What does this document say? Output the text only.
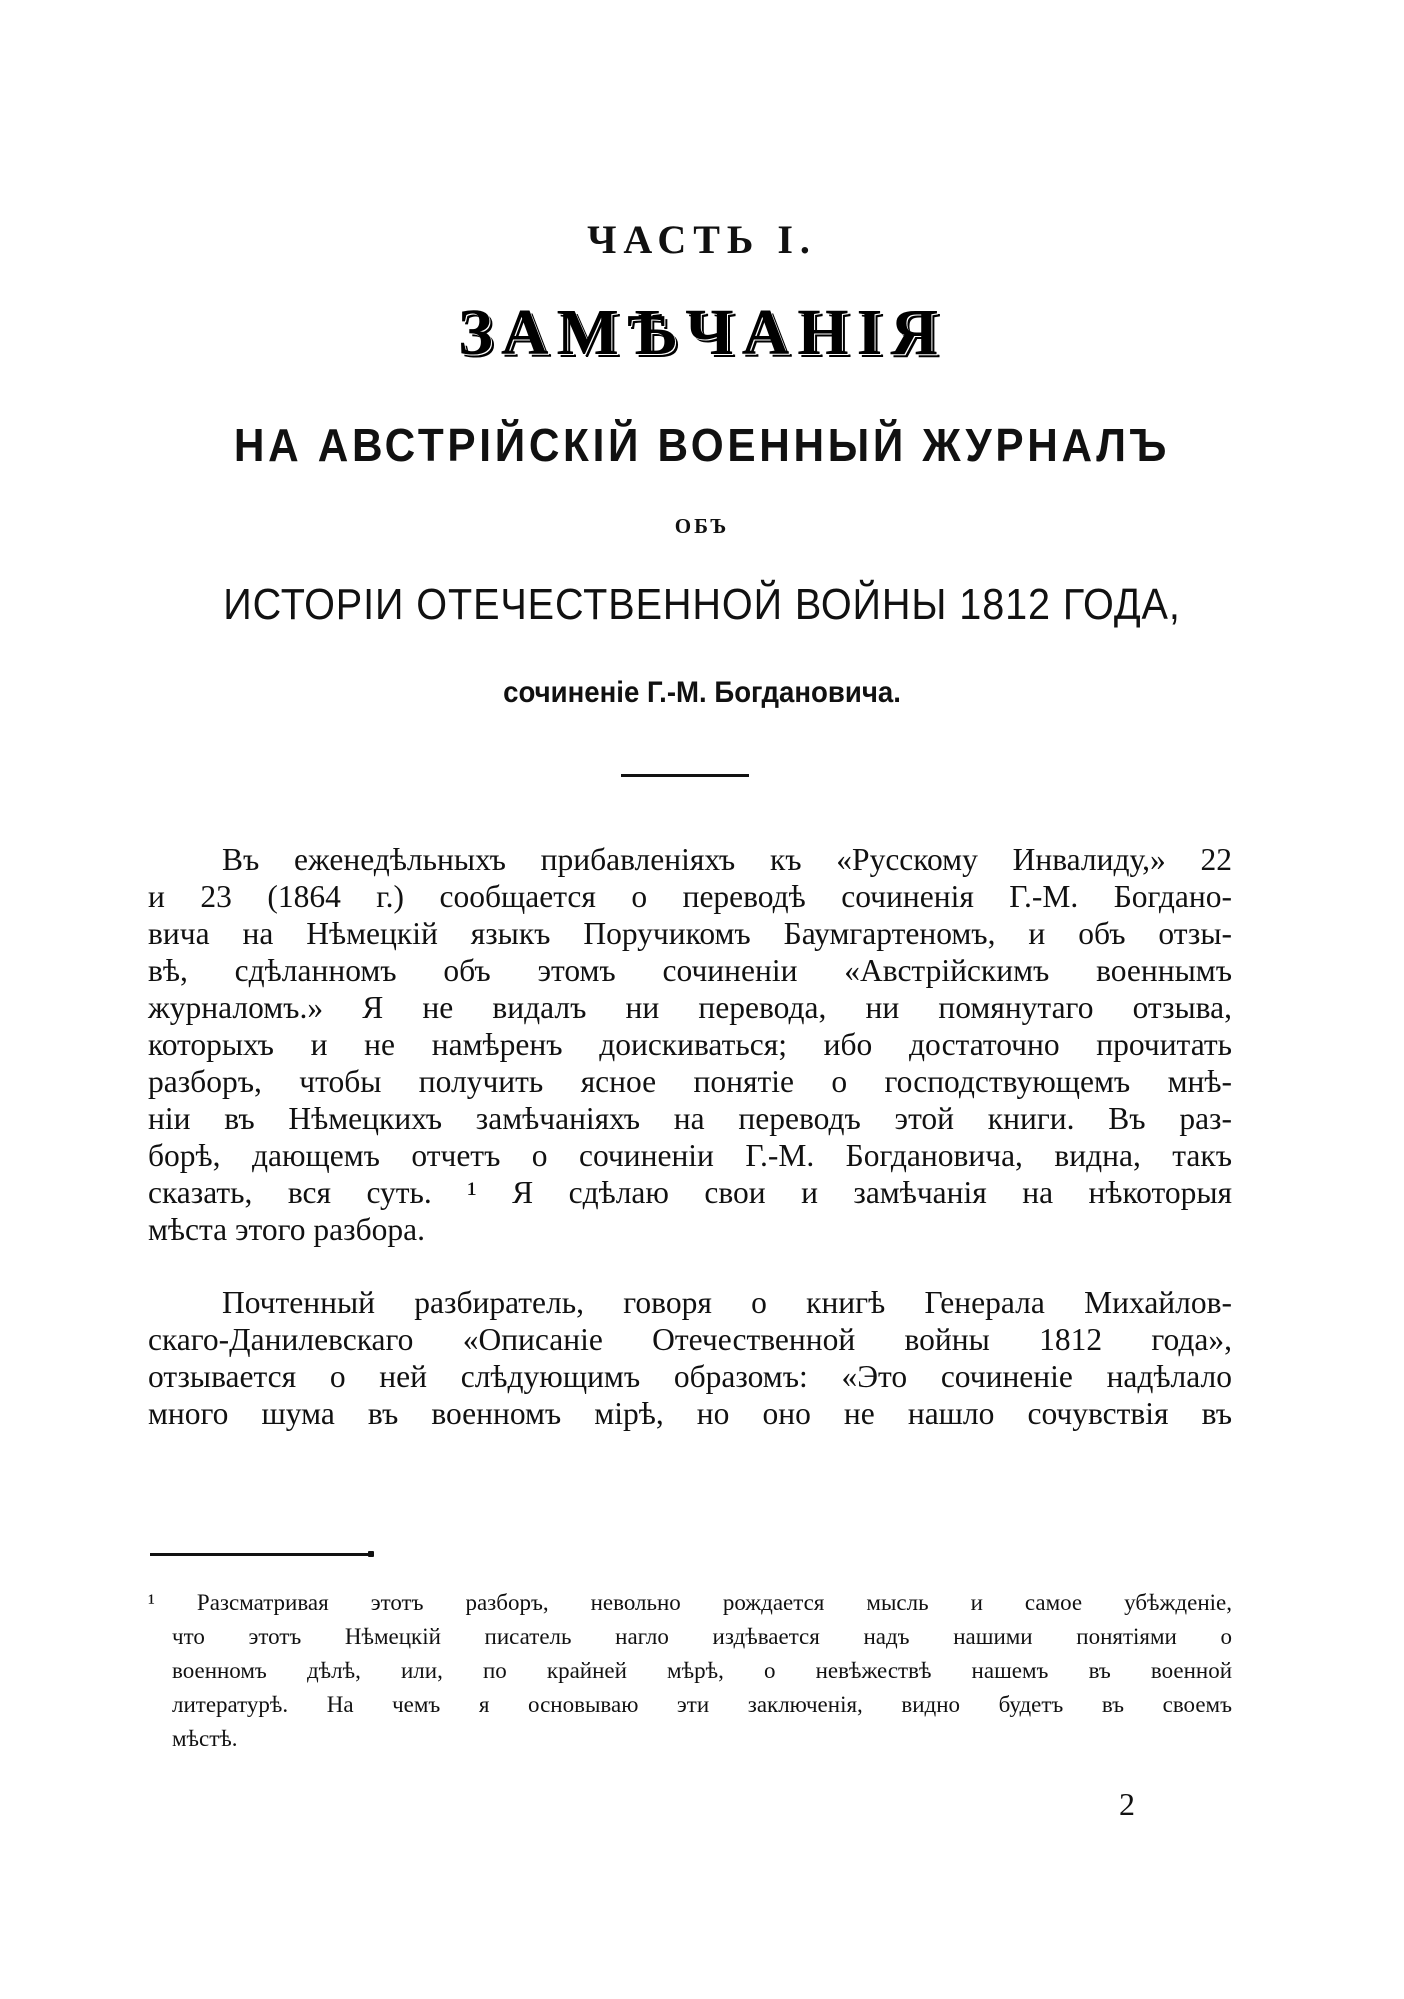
ЧАСТЬ I.
ЗАМѢЧАНІЯ
НА АВСТРІЙСКІЙ ВОЕННЫЙ ЖУРНАЛЪ
ОБЪ
ИСТОРІИ ОТЕЧЕСТВЕННОЙ ВОЙНЫ 1812 ГОДА,
сочиненіе Г.-М. Богдановича.
Въ еженедѣльныхъ прибавленіяхъ къ «Русскому Инвалиду,» 22
и 23 (1864 г.) сообщается о переводѣ сочиненія Г.-М. Богдано-
вича на Нѣмецкій языкъ Поручикомъ Баумгартеномъ, и объ отзы-
вѣ, сдѣланномъ объ этомъ сочиненіи «Австрійскимъ военнымъ
журналомъ.» Я не видалъ ни перевода, ни помянутаго отзыва,
которыхъ и не намѣренъ доискиваться; ибо достаточно прочитать
разборъ, чтобы получить ясное понятіе о господствующемъ мнѣ-
ніи въ Нѣмецкихъ замѣчаніяхъ на переводъ этой книги. Въ раз-
борѣ, дающемъ отчетъ о сочиненіи Г.-М. Богдановича, видна, такъ
сказать, вся суть. ¹ Я сдѣлаю свои и замѣчанія на нѣкоторыя
мѣста этого разбора.
Почтенный разбиратель, говоря о книгѣ Генерала Михайлов-
скаго-Данилевскаго «Описаніе Отечественной войны 1812 года»,
отзывается о ней слѣдующимъ образомъ: «Это сочиненіе надѣлало
много шума въ военномъ мірѣ, но оно не нашло сочувствія въ
¹ Разсматривая этотъ разборъ, невольно рождается мысль и самое убѣжденіе,
что этотъ Нѣмецкій писатель нагло издѣвается надъ нашими понятіями о
военномъ дѣлѣ, или, по крайней мѣрѣ, о невѣжествѣ нашемъ въ военной
литературѣ. На чемъ я основываю эти заключенія, видно будетъ въ своемъ
мѣстѣ.
2
